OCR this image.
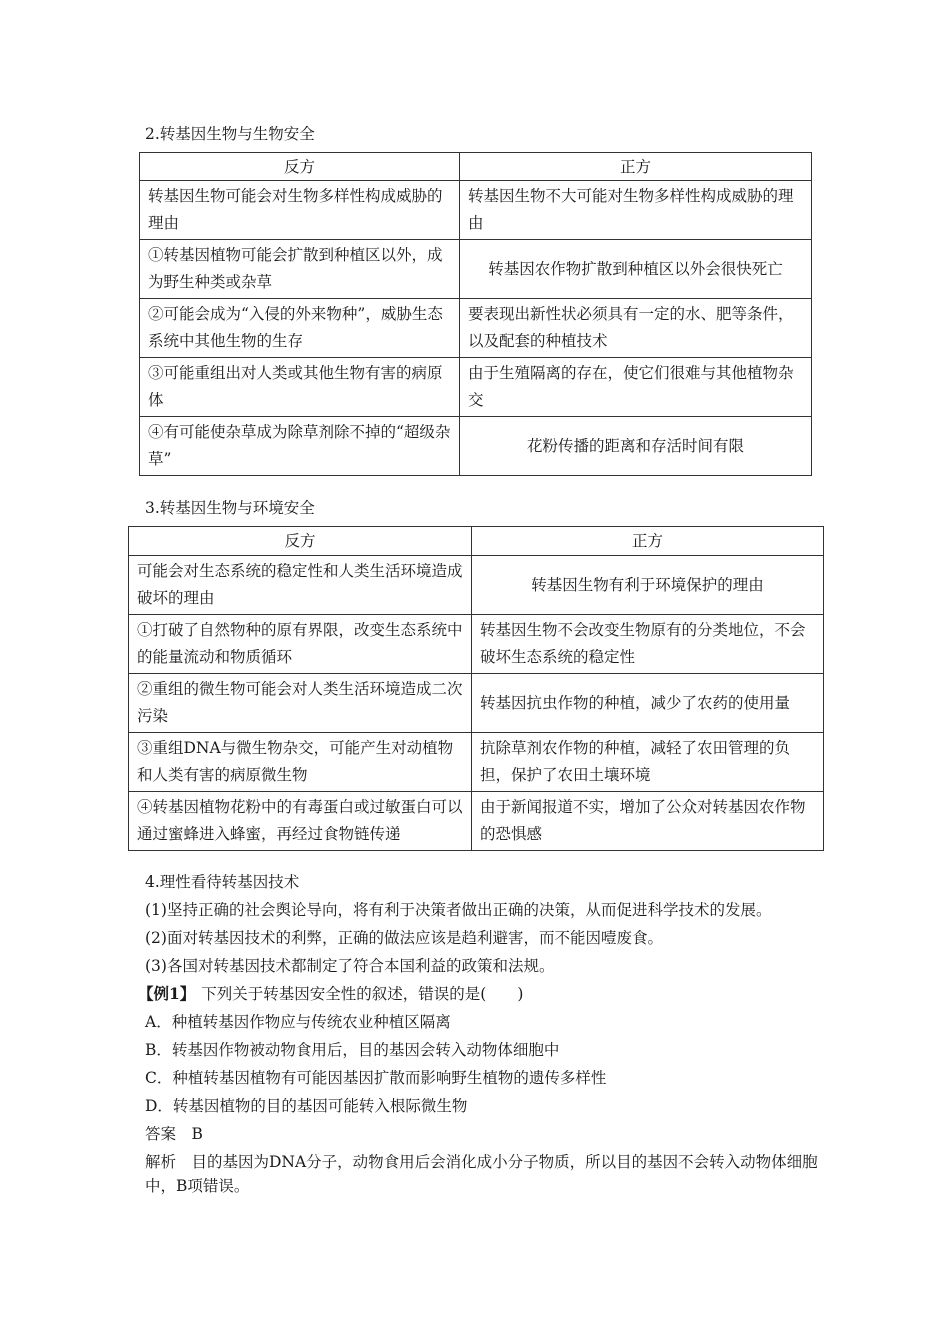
2.转基因生物与生物安全
反方	正方
转基因生物可能会对生物多样性构成威胁的理由	转基因生物不大可能对生物多样性构成威胁的理由
①转基因植物可能会扩散到种植区以外，成为野生种类或杂草	转基因农作物扩散到种植区以外会很快死亡
②可能会成为“入侵的外来物种”，威胁生态系统中其他生物的生存	要表现出新性状必须具有一定的水、肥等条件，以及配套的种植技术
③可能重组出对人类或其他生物有害的病原体	由于生殖隔离的存在，使它们很难与其他植物杂交
④有可能使杂草成为除草剂除不掉的“超级杂草”	花粉传播的距离和存活时间有限
3.转基因生物与环境安全
反方	正方
可能会对生态系统的稳定性和人类生活环境造成破坏的理由	转基因生物有利于环境保护的理由
①打破了自然物种的原有界限，改变生态系统中的能量流动和物质循环	转基因生物不会改变生物原有的分类地位，不会破坏生态系统的稳定性
②重组的微生物可能会对人类生活环境造成二次污染	转基因抗虫作物的种植，减少了农药的使用量
③重组DNA与微生物杂交，可能产生对动植物和人类有害的病原微生物	抗除草剂农作物的种植，减轻了农田管理的负担，保护了农田土壤环境
④转基因植物花粉中的有毒蛋白或过敏蛋白可以通过蜜蜂进入蜂蜜，再经过食物链传递	由于新闻报道不实，增加了公众对转基因农作物的恐惧感
4.理性看待转基因技术
(1)坚持正确的社会舆论导向，将有利于决策者做出正确的决策，从而促进科学技术的发展。
(2)面对转基因技术的利弊，正确的做法应该是趋利避害，而不能因噎废食。
(3)各国对转基因技术都制定了符合本国利益的政策和法规。
【例1】 下列关于转基因安全性的叙述，错误的是(　　)
A．种植转基因作物应与传统农业种植区隔离
B．转基因作物被动物食用后，目的基因会转入动物体细胞中
C．种植转基因植物有可能因基因扩散而影响野生植物的遗传多样性
D．转基因植物的目的基因可能转入根际微生物
答案　B
解析　目的基因为DNA分子，动物食用后会消化成小分子物质，所以目的基因不会转入动物体细胞中，B项错误。
